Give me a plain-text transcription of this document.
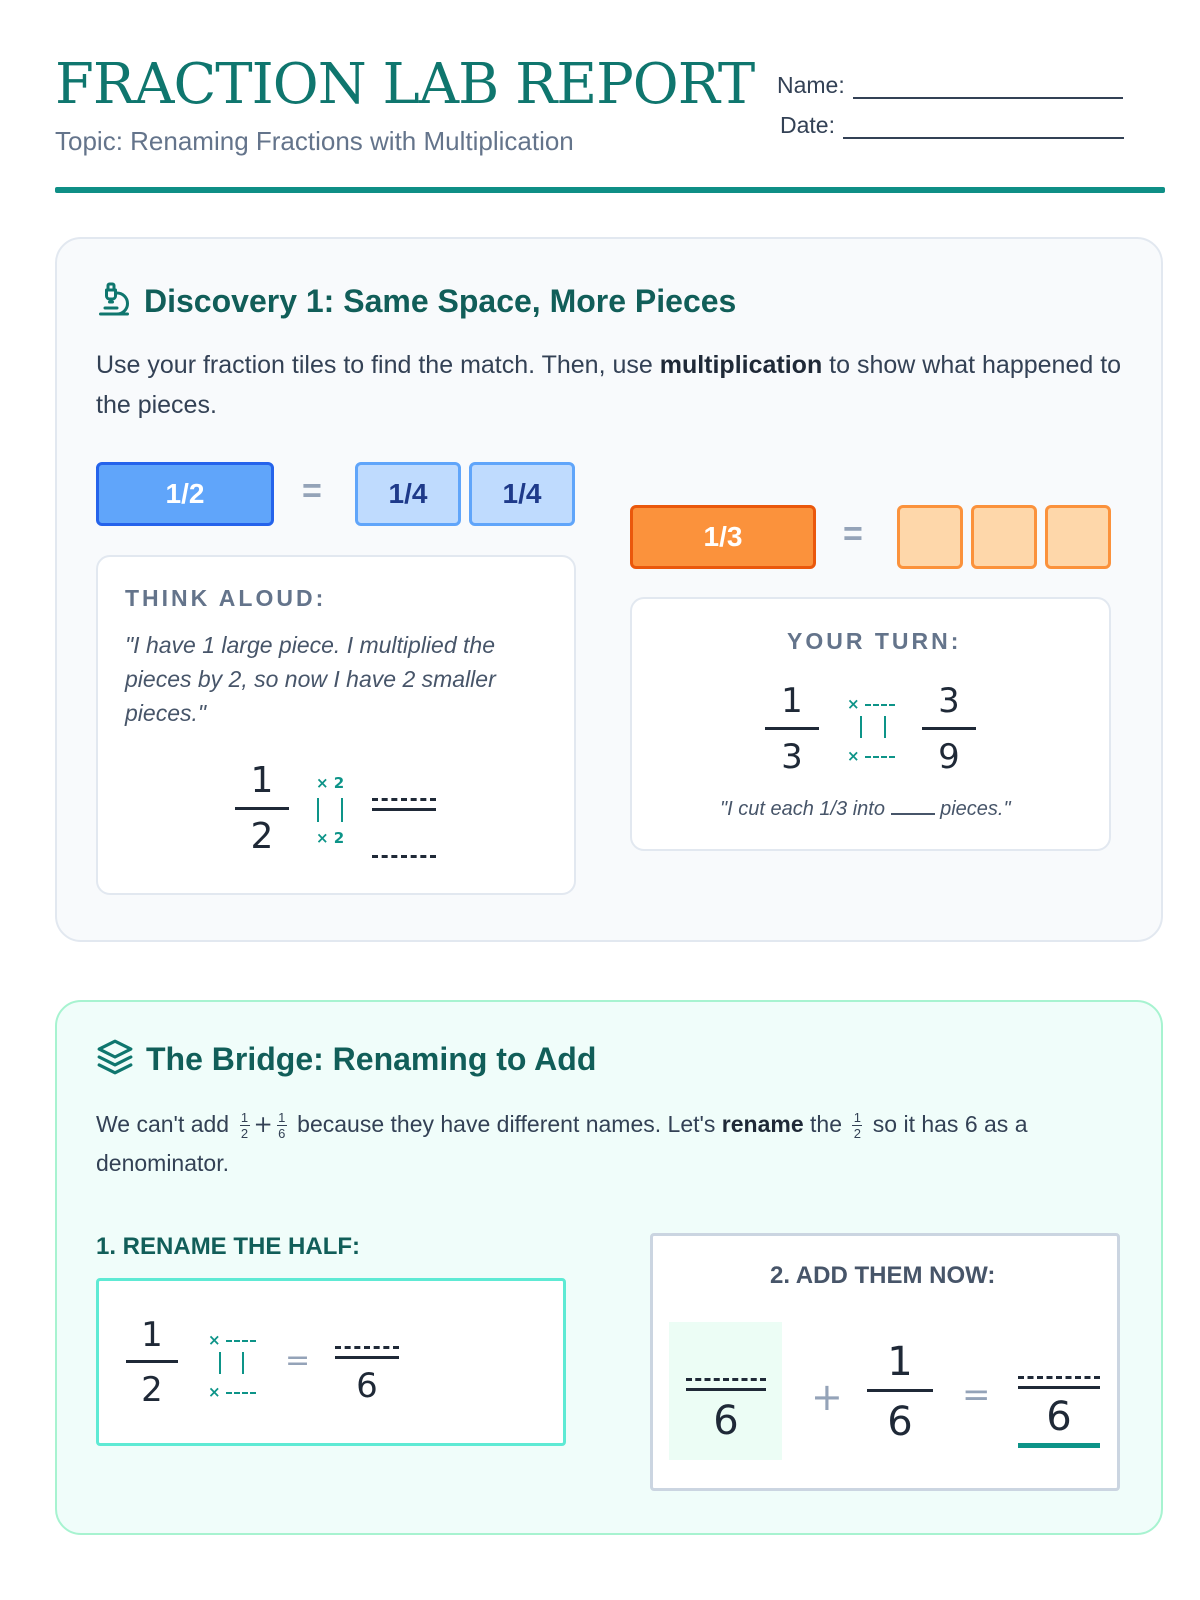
FRACTION LAB REPORT
Topic: Renaming Fractions with Multiplication
Name:
Date:
Discovery 1: Same Space, More Pieces
Use your fraction tiles to find the match. Then, use multiplication to show what happened to the pieces.
1/2	=	1/4	1/4
1/3	=
THINK ALOUD:
"I have 1 large piece. I multiplied the pieces by 2, so now I have 2 smaller pieces."
1
2
× 2
× 2
YOUR TURN:
1
3
×
×
3
9
"I cut each 1/3 into  pieces."
The Bridge: Renaming to Add
We can't add $\frac{1}{2} + \frac{1}{6}$ because they have different names. Let's rename the $\frac{1}{2}$ so it has 6 as a denominator.
1. RENAME THE HALF:
1
2
×
×
=
6
2. ADD THEM NOW:
6
+
1
6
=	6
